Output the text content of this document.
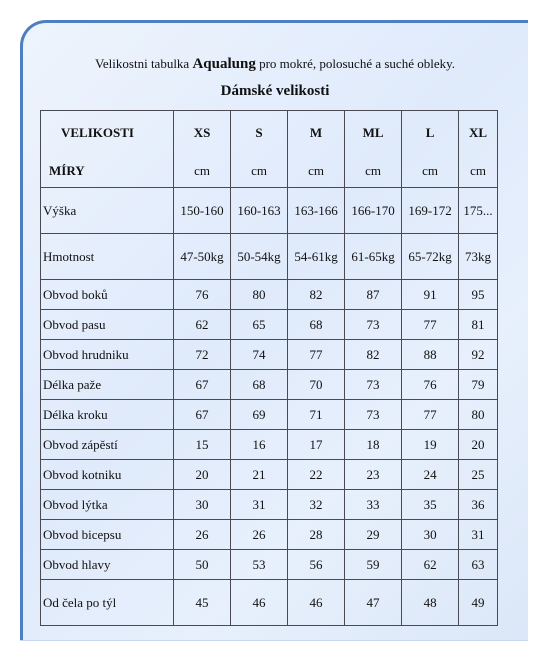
Velikostni tabulka Aqualung pro mokré, polosuché a suché obleky.
Dámské velikosti
VELIKOSTI	XS	S	M	ML	L	XL
MÍRY	cm	cm	cm	cm	cm	cm
Výška	150-160	160-163	163-166	166-170	169-172	175...
Hmotnost	47-50kg	50-54kg	54-61kg	61-65kg	65-72kg	73kg
Obvod boků	76	80	82	87	91	95
Obvod pasu	62	65	68	73	77	81
Obvod hrudniku	72	74	77	82	88	92
Délka paže	67	68	70	73	76	79
Délka kroku	67	69	71	73	77	80
Obvod zápěstí	15	16	17	18	19	20
Obvod kotniku	20	21	22	23	24	25
Obvod lýtka	30	31	32	33	35	36
Obvod bicepsu	26	26	28	29	30	31
Obvod hlavy	50	53	56	59	62	63
Od čela po týl	45	46	46	47	48	49
